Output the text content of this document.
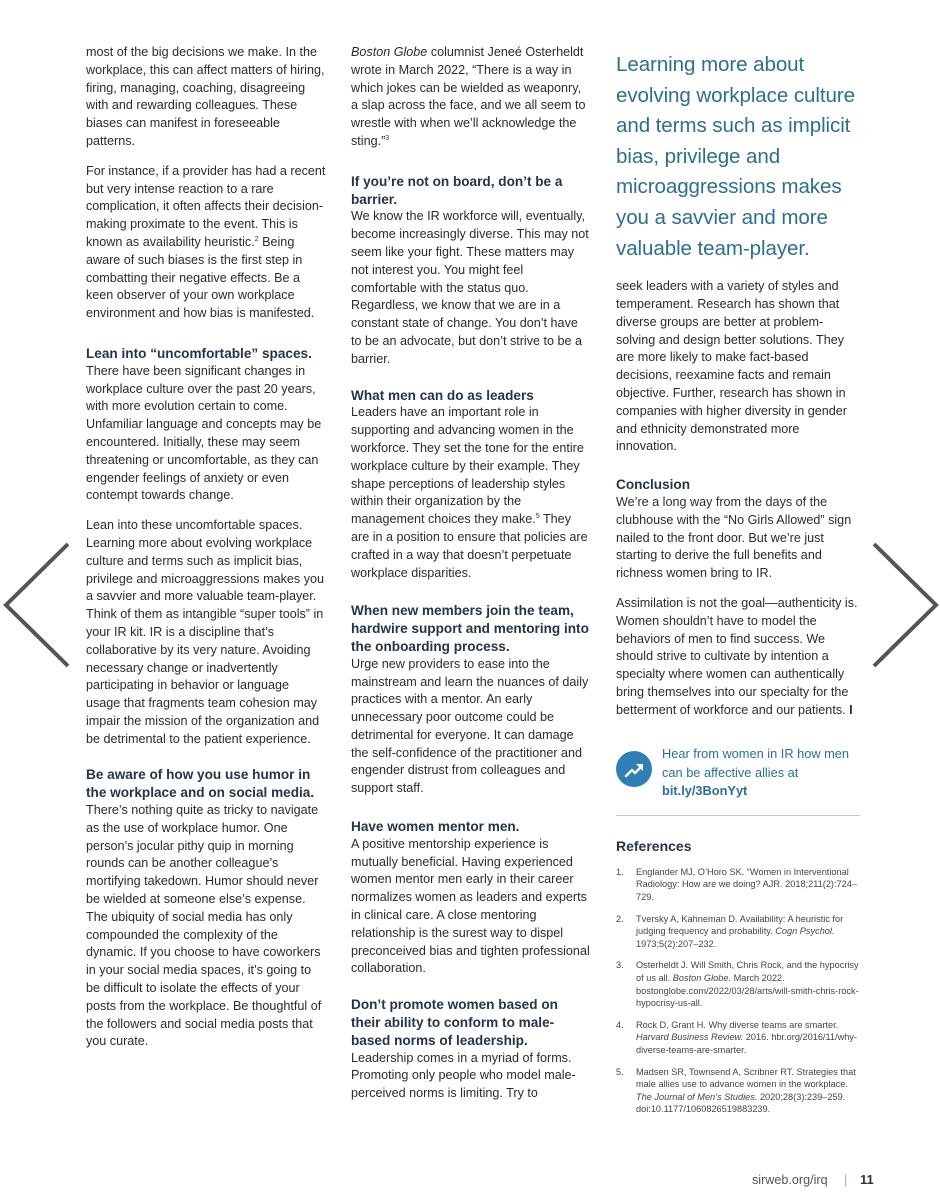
most of the big decisions we make. In the workplace, this can affect matters of hiring, firing, managing, coaching, disagreeing with and rewarding colleagues. These biases can manifest in foreseeable patterns.

For instance, if a provider has had a recent but very intense reaction to a rare complication, it often affects their decision-making proximate to the event. This is known as availability heuristic.$^2$ Being aware of such biases is the first step in combatting their negative effects. Be a keen observer of your own workplace environment and how bias is manifested.

Lean into “uncomfortable” spaces.

There have been significant changes in workplace culture over the past 20 years, with more evolution certain to come. Unfamiliar language and concepts may be encountered. Initially, these may seem threatening or uncomfortable, as they can engender feelings of anxiety or even contempt towards change.

Lean into these uncomfortable spaces. Learning more about evolving workplace culture and terms such as implicit bias, privilege and microaggressions makes you a savvier and more valuable team-player. Think of them as intangible “super tools” in your IR kit. IR is a discipline that’s collaborative by its very nature. Avoiding necessary change or inadvertently participating in behavior or language usage that fragments team cohesion may impair the mission of the organization and be detrimental to the patient experience.

Be aware of how you use humor in the workplace and on social media.

There’s nothing quite as tricky to navigate as the use of workplace humor. One person’s jocular pithy quip in morning rounds can be another colleague’s mortifying takedown. Humor should never be wielded at someone else’s expense. The ubiquity of social media has only compounded the complexity of the dynamic. If you choose to have coworkers in your social media spaces, it’s going to be difficult to isolate the effects of your posts from the workplace. Be thoughtful of the followers and social media posts that you curate.

Boston Globe columnist Jeneé Osterheldt wrote in March 2022, “There is a way in which jokes can be wielded as weaponry, a slap across the face, and we all seem to wrestle with when we’ll acknowledge the sting.”$^3$

If you’re not on board, don’t be a barrier.

We know the IR workforce will, eventually, become increasingly diverse. This may not seem like your fight. These matters may not interest you. You might feel comfortable with the status quo. Regardless, we know that we are in a constant state of change. You don’t have to be an advocate, but don’t strive to be a barrier.

What men can do as leaders

Leaders have an important role in supporting and advancing women in the workforce. They set the tone for the entire workplace culture by their example. They shape perceptions of leadership styles within their organization by the management choices they make.$^5$ They are in a position to ensure that policies are crafted in a way that doesn’t perpetuate workplace disparities.

When new members join the team, hardwire support and mentoring into the onboarding process.

Urge new providers to ease into the mainstream and learn the nuances of daily practices with a mentor. An early unnecessary poor outcome could be detrimental for everyone. It can damage the self-confidence of the practitioner and engender distrust from colleagues and support staff.

Have women mentor men.

A positive mentorship experience is mutually beneficial. Having experienced women mentor men early in their career normalizes women as leaders and experts in clinical care. A close mentoring relationship is the surest way to dispel preconceived bias and tighten professional collaboration.

Don’t promote women based on their ability to conform to male-based norms of leadership.

Leadership comes in a myriad of forms. Promoting only people who model male-perceived norms is limiting. Try to

Learning more about evolving workplace culture and terms such as implicit bias, privilege and microaggressions makes you a savvier and more valuable team-player.

seek leaders with a variety of styles and temperament. Research has shown that diverse groups are better at problem-solving and design better solutions. They are more likely to make fact-based decisions, reexamine facts and remain objective. Further, research has shown in companies with higher diversity in gender and ethnicity demonstrated more innovation.

Conclusion

We’re a long way from the days of the clubhouse with the “No Girls Allowed” sign nailed to the front door. But we’re just starting to derive the full benefits and richness women bring to IR.

Assimilation is not the goal—authenticity is. Women shouldn’t have to model the behaviors of men to find success. We should strive to cultivate by intention a specialty where women can authentically bring themselves into our specialty for the betterment of workforce and our patients. I

Hear from women in IR how men can be affective allies at
bit.ly/3BonYyt
References
1. Englander MJ, O’Horo SK. “Women in Interventional Radiology: How are we doing? AJR. 2018;211(2):724–729.
2. Tversky A, Kahneman D. Availability: A heuristic for judging frequency and probability. Cogn Psychol. 1973;5(2):207–232.
3. Osterheldt J. Will Smith, Chris Rock, and the hypocrisy of us all. Boston Globe. March 2022. bostonglobe.com/2022/03/28/arts/will-smith-chris-rock-hypocrisy-us-all.
4. Rock D, Grant H. Why diverse teams are smarter. Harvard Business Review. 2016. hbr.org/2016/11/why-diverse-teams-are-smarter.
5. Madsen SR, Townsend A, Scribner RT. Strategies that male allies use to advance women in the workplace. The Journal of Men’s Studies. 2020;28(3):239–259. doi:10.1177/1060826519883239.
sirweb.org/irq | 11
